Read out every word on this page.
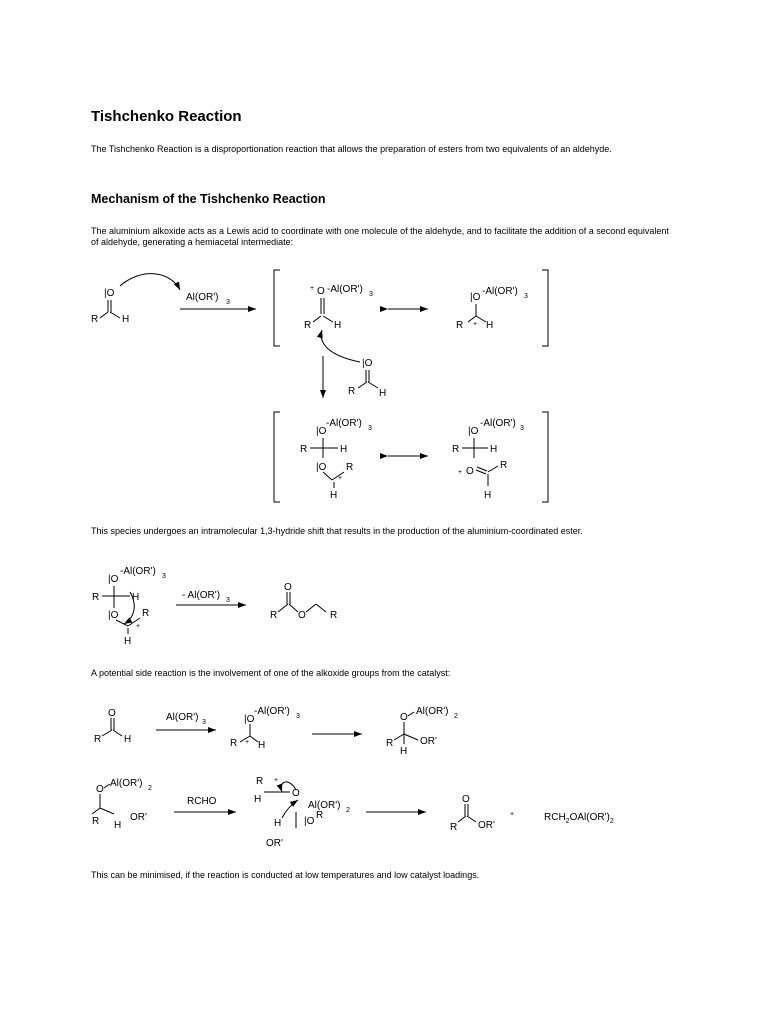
Tishchenko Reaction

The Tishchenko Reaction is a disproportionation reaction that allows the preparation of esters from two equivalents of an aldehyde.

Mechanism of the Tishchenko Reaction

The aluminium alkoxide acts as a Lewis acid to coordinate with one molecule of the aldehyde, and to facilitate the addition of a second equivalent of aldehyde, generating a hemiacetal intermediate:

|O
R H
Al(OR') 3
+ O -Al(OR') 3
R H
|O
-Al(OR') 3
R + H
|O
R H
|O
-Al(OR') 3
R	H
|O R
+
H
|O
-Al(OR') 3
R	H
+ O
R
H

This species undergoes an intramolecular 1,3-hydride shift that results in the production of the aluminium-coordinated ester.

|O
-Al(OR') 3
R	H
|O R
+
H
- Al(OR') 3
O
R O R

A potential side reaction is the involvement of one of the alkoxide groups from the catalyst:

O
R H
Al(OR') 3	|O
-Al(OR') 3
R + H
O
Al(OR') 2
R	OR'
H
O
Al(OR') 2
R	OR'
H
RCHO
R +
H
O
Al(OR') 2
H |O
R
OR'
O
R OR'
+	$RCH_2OAl(OR')_2$

This can be minimised, if the reaction is conducted at low temperatures and low catalyst loadings.
